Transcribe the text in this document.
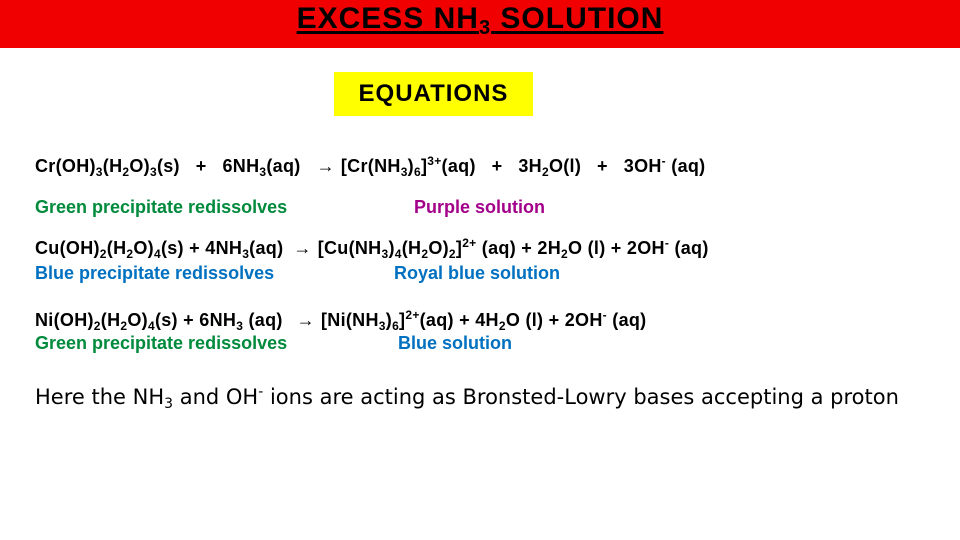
EXCESS $NH_3$ SOLUTION
EQUATIONS
$Cr(OH)_3(H_2O)_3(s) + 6NH_3(aq) \to [Cr(NH_3)_6]^{3+}(aq) + 3H_2O(l) + 3OH^-$ (aq)
Green precipitate redissolves	Purple solution
$Cu(OH)_2(H_2O)_4(s) + 4NH_3(aq) \to [Cu(NH_3)_4(H_2O)_2]^{2+}$ $(aq) + 2H_2O$ (l) + 2OH- (aq)
Blue precipitate redissolves	Royal blue solution
$Ni(OH)_2(H_2O)_4(s) + 6NH_3$ $(aq) \to [Ni(NH_3)_6]^{2+}(aq) + 4H_2O$ (l) + 2OH- (aq)
Green precipitate redissolves	Blue solution
Here the $NH_3$ and OH- ions are acting as Bronsted-Lowry bases accepting a proton
